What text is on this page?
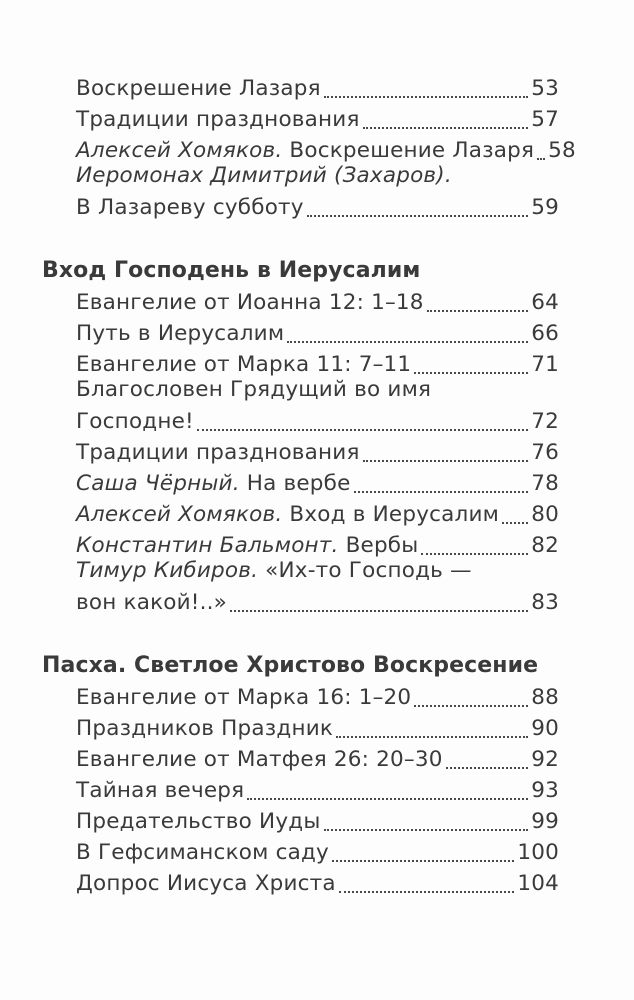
Воскрешение Лазаря	53
Традиции празднования	57
Алексей Хомяков. Воскрешение Лазаря 58
Иеромонах Димитрий (Захаров).
В Лазареву субботу	59
Вход Господень в Иерусалим
Евангелие от Иоанна 12: 1–18	64
Путь в Иерусалим	66
Евангелие от Марка 11: 7–11	71
Благословен Грядущий во имя
Господне!	72
Традиции празднования	76
Саша Чёрный. На вербе	78
Алексей Хомяков. Вход в Иерусалим 80
Константин Бальмонт. Вербы	82
Тимур Кибиров. «Их-то Господь —
вон какой!..»	83
Пасха. Светлое Христово Воскресение
Евангелие от Марка 16: 1–20	88
Праздников Праздник	90
Евангелие от Матфея 26: 20–30	92
Тайная вечеря	93
Предательство Иуды	99
В Гефсиманском саду	100
Допрос Иисуса Христа	104
